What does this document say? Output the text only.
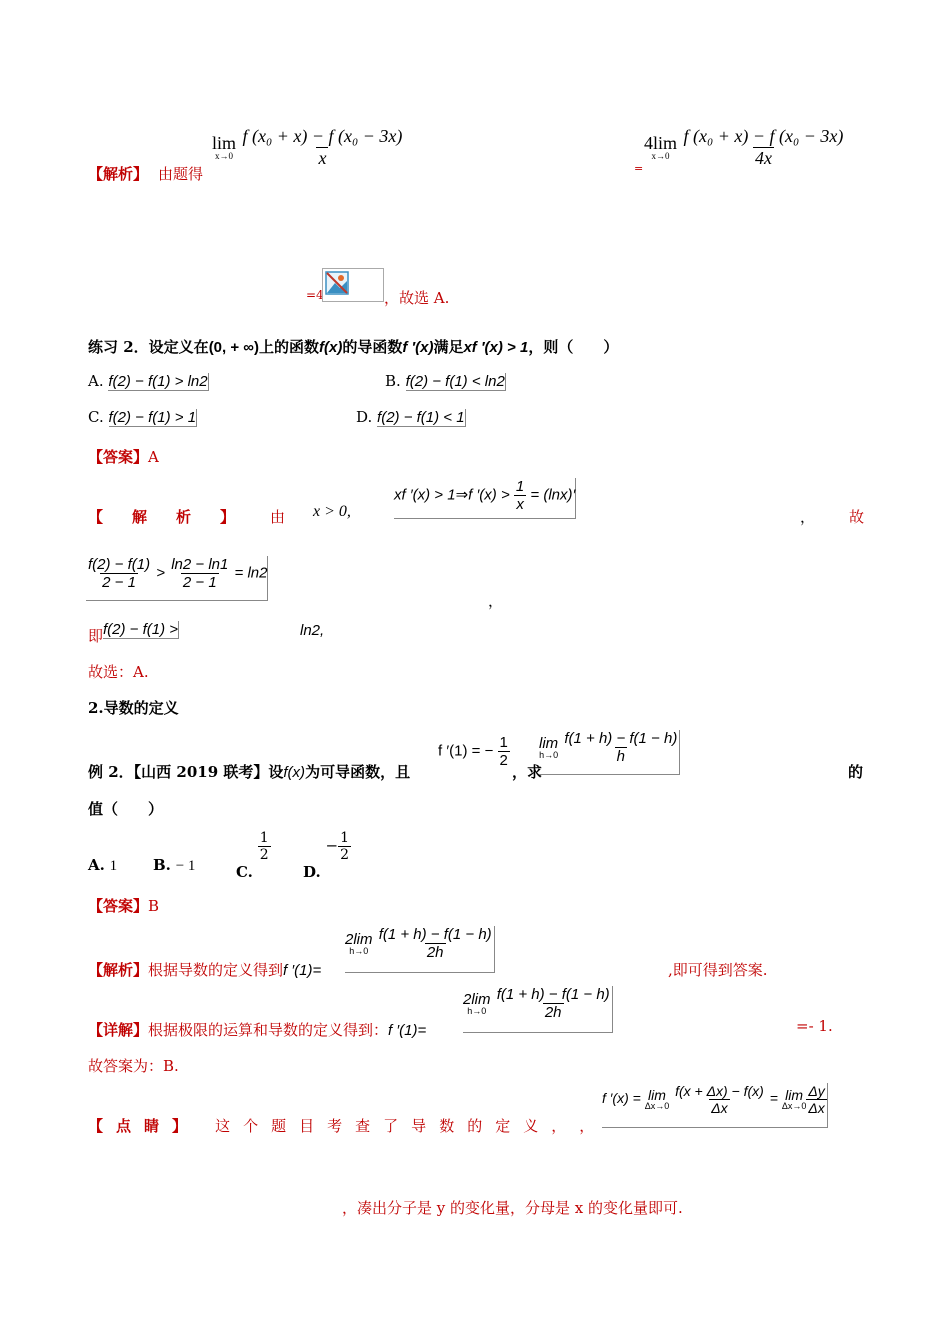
【解析】 由题得
lim
x→0
$\frac{\text{f (x₀ + x) − f (x₀ − 3x)}}{x}$	=
4lim
x→0
$\frac{\text{f (x₀ + x) − f (x₀ − 3x)}}{4x}$
=4	，故选 A.
练习 2．设定义在(0, + ∞)上的函数f(x)的导函数f ′(x)满足xf ′(x) > 1，则（　　）
A. f(2) − f(1) > ln2	B. f(2) − f(1) < ln2
C. f(2) − f(1) > 1	D. f(2) − f(1) < 1
【答案】A
【 解 析 】 由 x > 0,
xf ′(x) > 1⇒f $'(x) > \frac{1}{x} = (\ln x)'$
， 故
$\frac{f(2) - f(1)}{2 - 1} > \frac{\ln 2 - \ln 1}{2 - 1} = \ln 2$
，
即 f(2) − f(1) >	ln2,
故选：A.
2.导数的定义
例 2．【山西 2019 联考】设f(x)为可导函数，且
f ′(1) = − $\frac{1}{2}$
，求
lim
h→0
$\frac{f(1 + h) - f(1 - h)}{h}$
的
值（　　）
A. 1 B. − 1	C.
$\frac{1}{2}$
D. − $\frac{1}{2}$
【答案】B
【解析】根据导数的定义得到f ′(1)=
2lim
h→0
$\frac{f(1 + h) - f(1 - h)}{2h}$
,即可得到答案.
【详解】根据极限的运算和导数的定义得到：f ′(1)=
2lim
h→0
$\frac{f(1 + h) - f(1 - h)}{2h}$
=- 1.
故答案为：B.
【 点 睛 】 这 个 题 目 考 查 了 导 数 的 定 义 ， ，
f ′(x) = lim
Δx→0
$\frac{f(x + \Delta x) - f(x)}{\Delta x} = \lim$
$\Delta x\to 0 \frac{\Delta y}{\Delta x}$
，凑出分子是 y 的变化量，分母是 x 的变化量即可.
